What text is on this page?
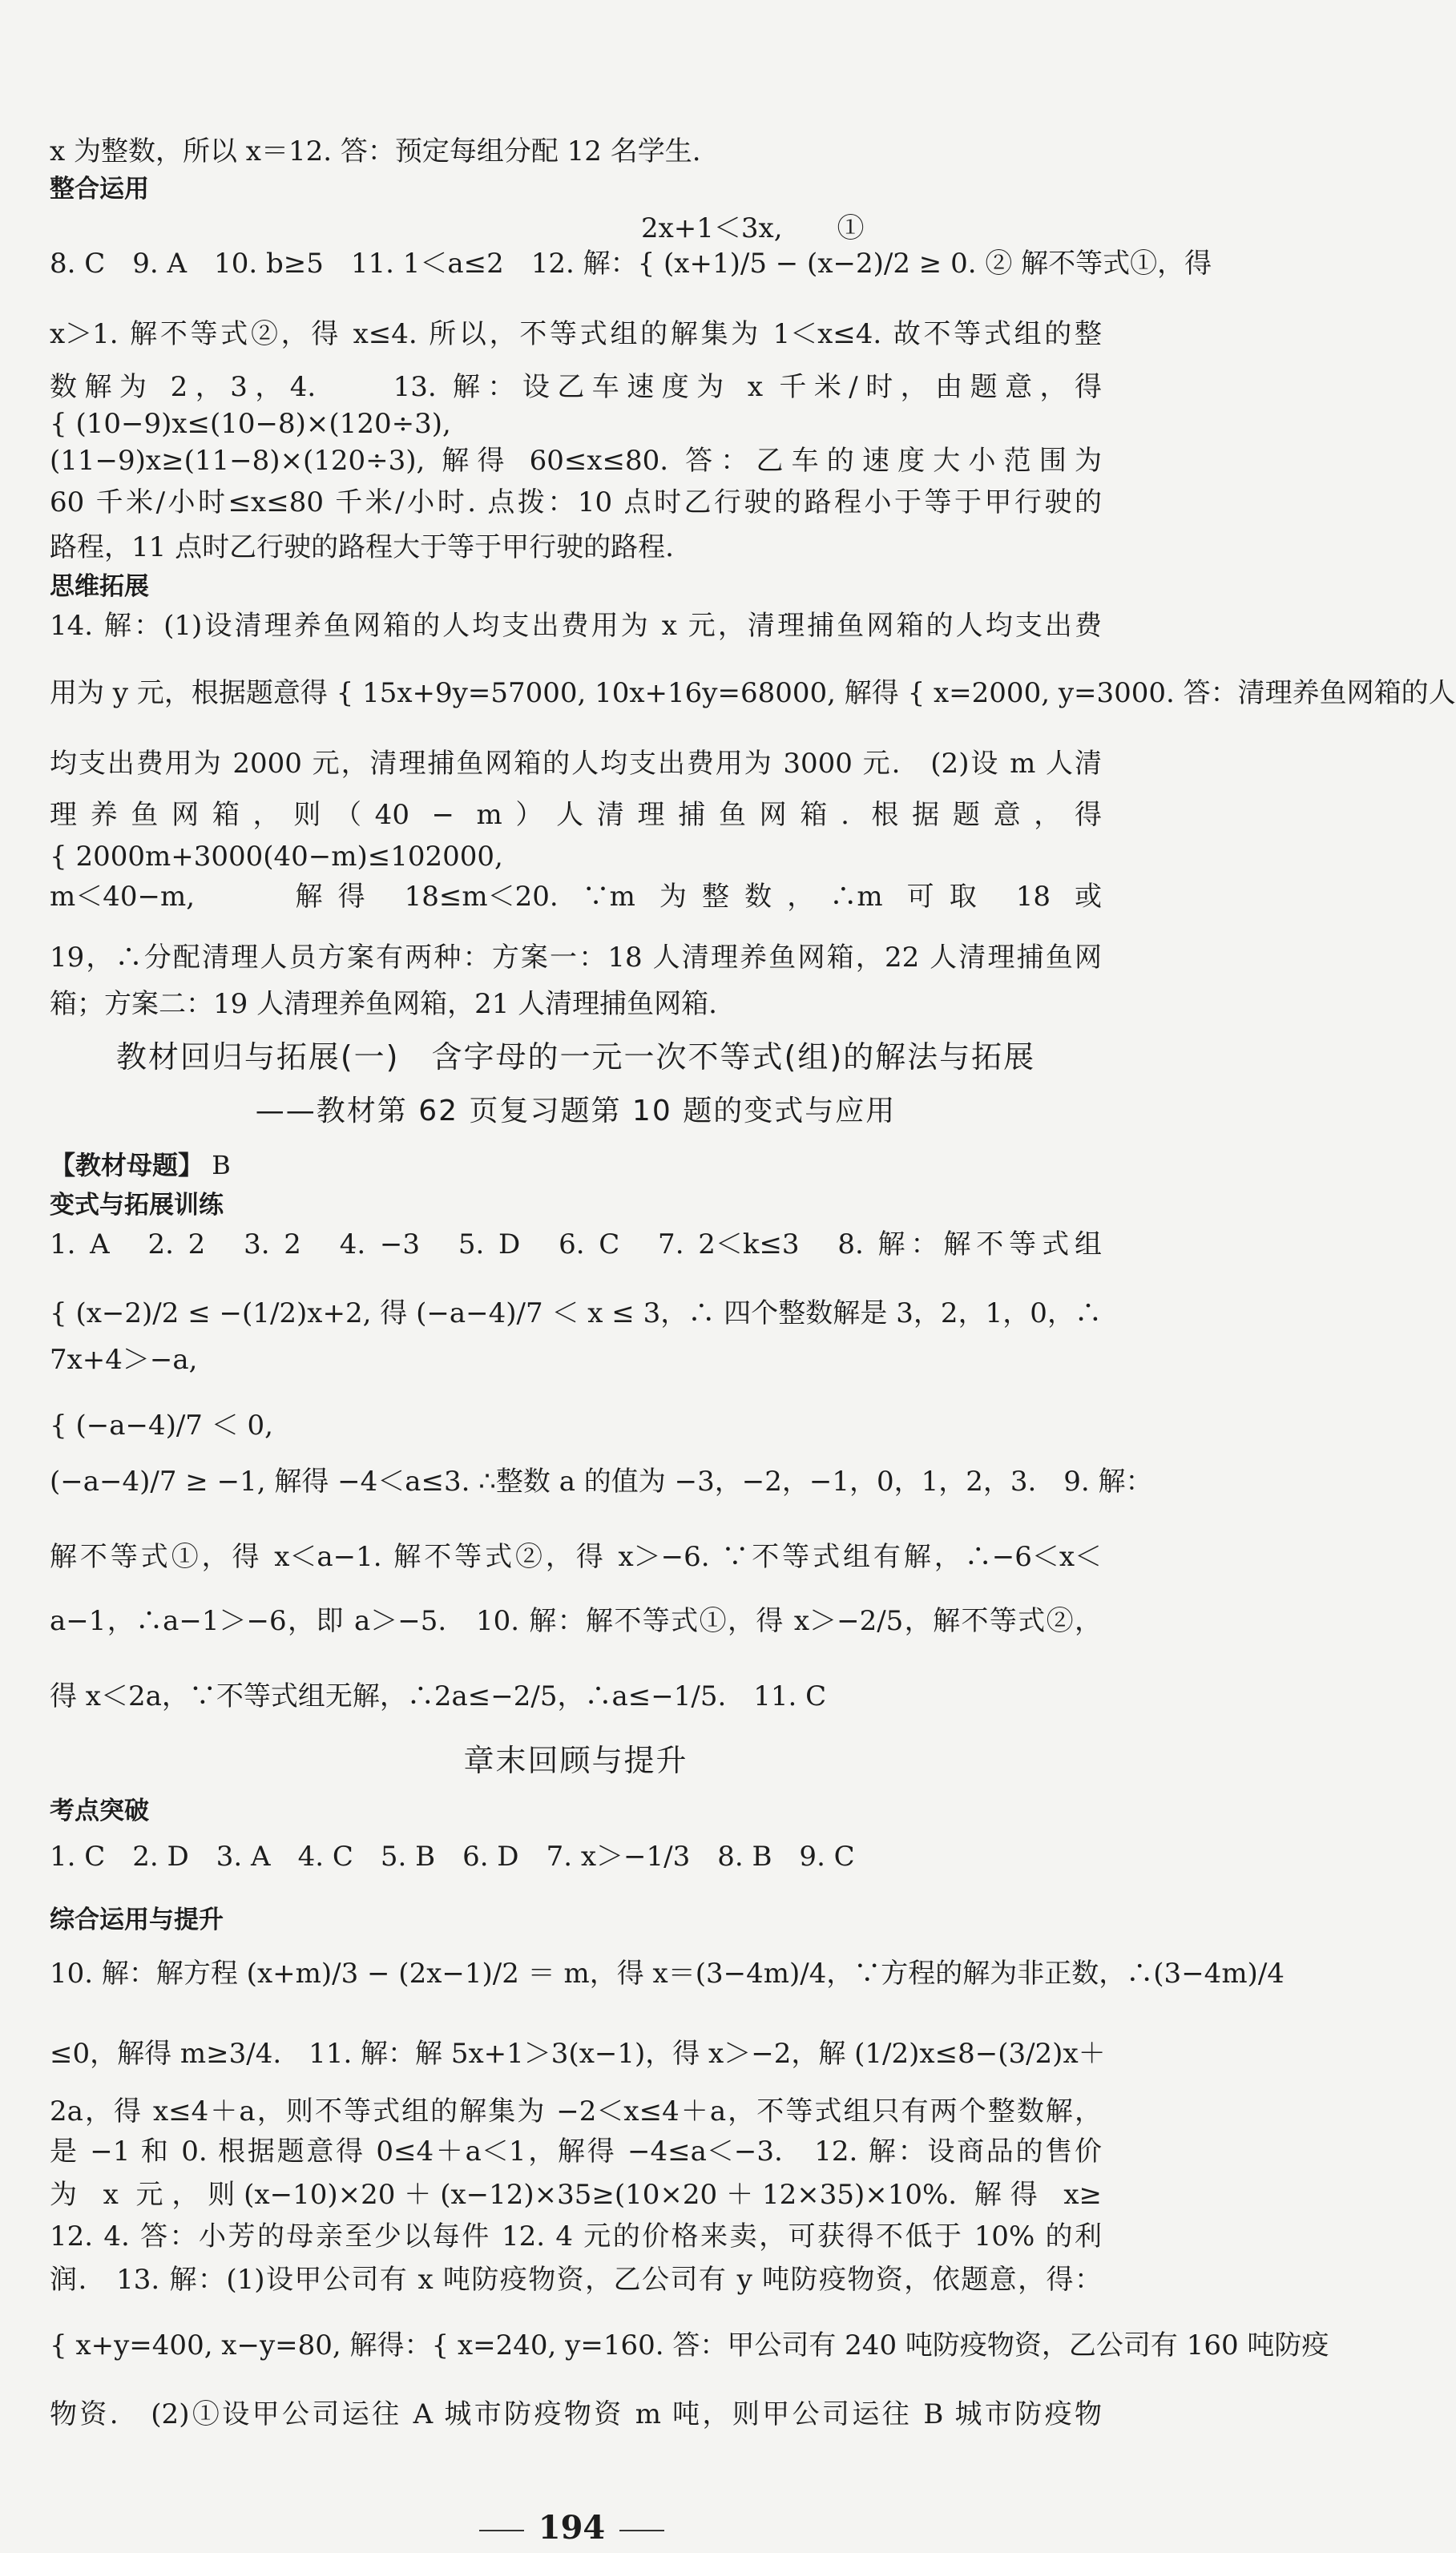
x 为整数，所以 x＝12. 答：预定每组分配 12 名学生.
整合运用
2x+1＜3x,　　①
8. C　9. A　10. b≥5　11. 1＜a≤2　12. 解：{ (x+1)/5 − (x−2)/2 ≥ 0. ② 解不等式①，得
x＞1. 解不等式②，得 x≤4. 所以，不等式组的解集为 1＜x≤4. 故不等式组的整
数解为 2，3，4.　　13. 解：设乙车速度为 x 千米/时，由题意，得
{ (10−9)x≤(10−8)×(120÷3),
(11−9)x≥(11−8)×(120÷3), 解得 60≤x≤80. 答：乙车的速度大小范围为
60 千米/小时≤x≤80 千米/小时. 点拨：10 点时乙行驶的路程小于等于甲行驶的
路程，11 点时乙行驶的路程大于等于甲行驶的路程.
思维拓展
14. 解：(1)设清理养鱼网箱的人均支出费用为 x 元，清理捕鱼网箱的人均支出费
用为 y 元，根据题意得 { 15x+9y=57000, 10x+16y=68000, 解得 { x=2000, y=3000. 答：清理养鱼网箱的人
均支出费用为 2000 元，清理捕鱼网箱的人均支出费用为 3000 元.　(2)设 m 人清
理养鱼网箱，则（40 − m）人清理捕鱼网箱. 根据题意，得
{ 2000m+3000(40−m)≤102000,
m＜40−m,　　解得 18≤m＜20. ∵m 为整数，∴m 可取 18 或
19，∴分配清理人员方案有两种：方案一：18 人清理养鱼网箱，22 人清理捕鱼网
箱；方案二：19 人清理养鱼网箱，21 人清理捕鱼网箱.
教材回归与拓展(一)　含字母的一元一次不等式(组)的解法与拓展
——教材第 62 页复习题第 10 题的变式与应用
【教材母题】 B
变式与拓展训练
1. A　2. 2　3. 2　4. −3　5. D　6. C　7. 2＜k≤3　8. 解：解不等式组
{ (x−2)/2 ≤ −(1/2)x+2, 得 (−a−4)/7 ＜ x ≤ 3，∴ 四个整数解是 3，2，1，0，∴
7x+4＞−a,
{ (−a−4)/7 ＜ 0,
(−a−4)/7 ≥ −1, 解得 −4＜a≤3. ∴整数 a 的值为 −3，−2，−1，0，1，2，3.　9. 解：
解不等式①，得 x＜a−1. 解不等式②，得 x＞−6. ∵不等式组有解，∴−6＜x＜
a−1，∴a−1＞−6，即 a＞−5.　10. 解：解不等式①，得 x＞−2/5，解不等式②，
得 x＜2a，∵不等式组无解，∴2a≤−2/5，∴a≤−1/5.　11. C
章末回顾与提升
考点突破
1. C　2. D　3. A　4. C　5. B　6. D　7. x＞−1/3　8. B　9. C
综合运用与提升
10. 解：解方程 (x+m)/3 − (2x−1)/2 ＝ m，得 x＝(3−4m)/4，∵方程的解为非正数，∴(3−4m)/4
≤0，解得 m≥3/4.　11. 解：解 5x+1＞3(x−1)，得 x＞−2，解 (1/2)x≤8−(3/2)x＋
2a，得 x≤4＋a，则不等式组的解集为 −2＜x≤4＋a，不等式组只有两个整数解，
是 −1 和 0. 根据题意得 0≤4＋a＜1，解得 −4≤a＜−3.　12. 解：设商品的售价
为 x 元，则(x−10)×20＋(x−12)×35≥(10×20＋12×35)×10%. 解得 x≥
12. 4. 答：小芳的母亲至少以每件 12. 4 元的价格来卖，可获得不低于 10% 的利
润.　13. 解：(1)设甲公司有 x 吨防疫物资，乙公司有 y 吨防疫物资，依题意，得：
{ x+y=400, x−y=80, 解得：{ x=240, y=160. 答：甲公司有 240 吨防疫物资，乙公司有 160 吨防疫
物资.　(2)①设甲公司运往 A 城市防疫物资 m 吨，则甲公司运往 B 城市防疫物
194
